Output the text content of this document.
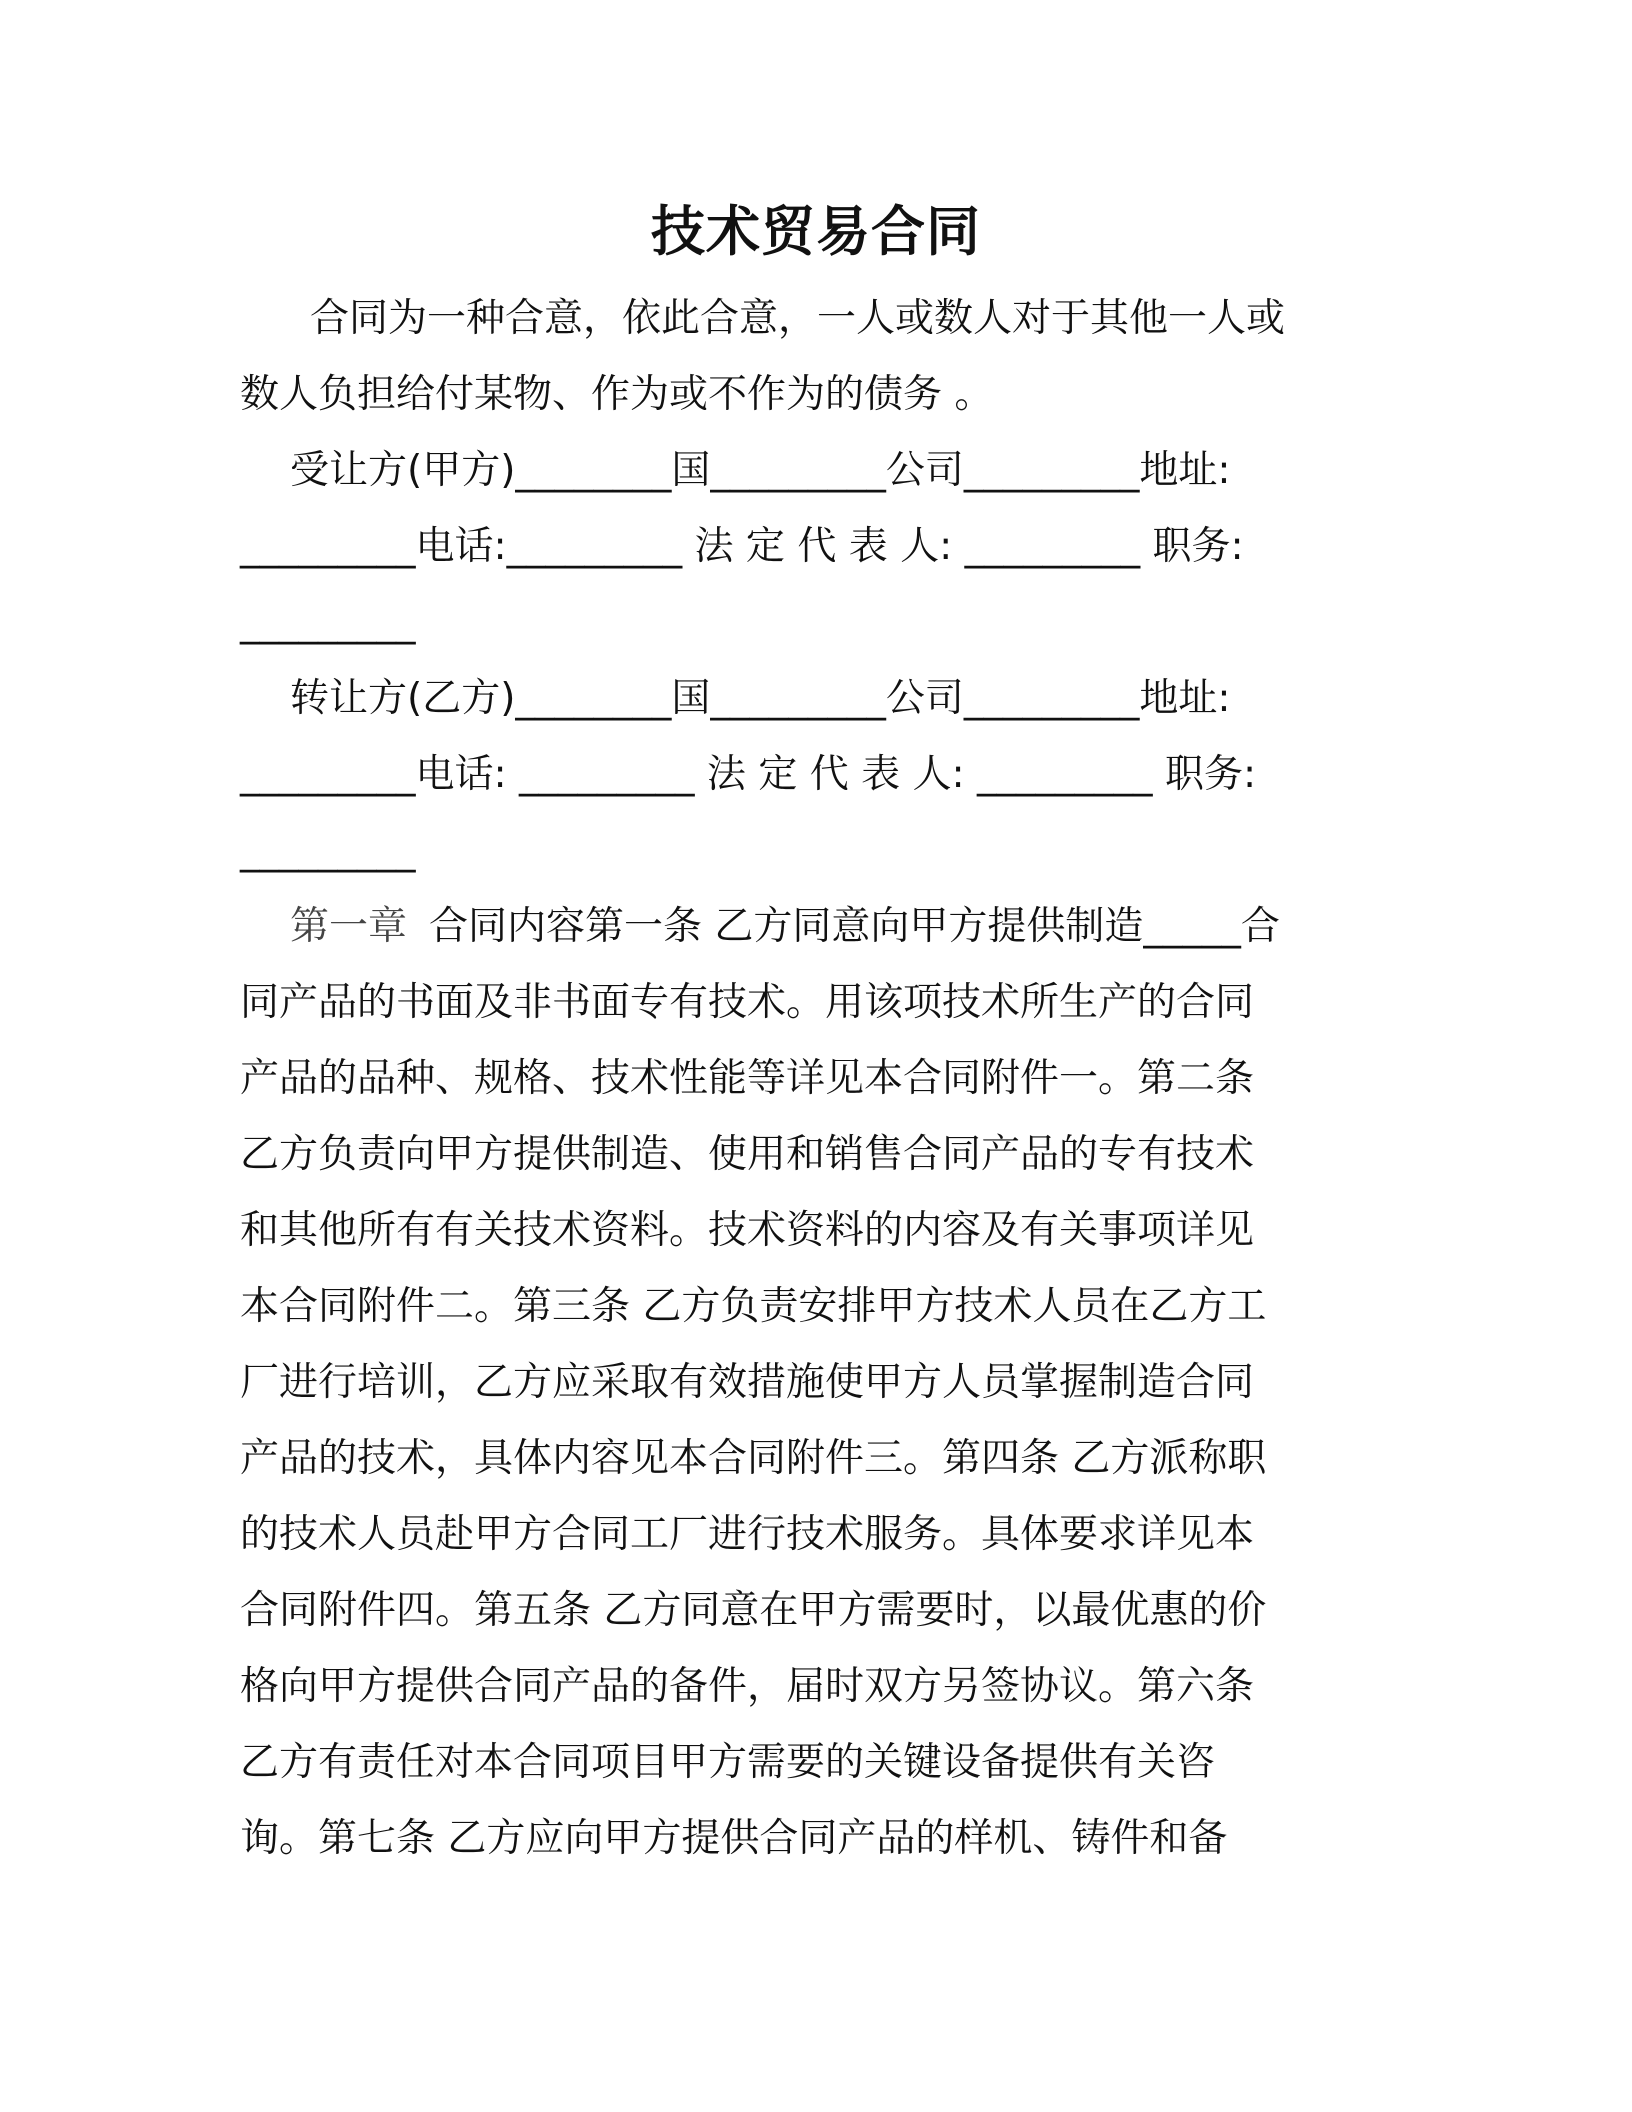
技术贸易合同

合同为一种合意，依此合意，一人或数人对于其他一人或

数人负担给付某物、作为或不作为的债务 。

受让方(甲方)________国_________公司_________地址:

_________电话:_________ 法 定 代 表 人: _________ 职务:

_________

转让方(乙方)________国_________公司_________地址:

_________电话: _________ 法 定 代 表 人: _________ 职务:

_________

第一章 合同内容第一条 乙方同意向甲方提供制造_____合

同产品的书面及非书面专有技术。用该项技术所生产的合同

产品的品种、规格、技术性能等详见本合同附件一。第二条

乙方负责向甲方提供制造、使用和销售合同产品的专有技术

和其他所有有关技术资料。技术资料的内容及有关事项详见

本合同附件二。第三条 乙方负责安排甲方技术人员在乙方工

厂进行培训，乙方应采取有效措施使甲方人员掌握制造合同

产品的技术，具体内容见本合同附件三。第四条 乙方派称职

的技术人员赴甲方合同工厂进行技术服务。具体要求详见本

合同附件四。第五条 乙方同意在甲方需要时，以最优惠的价

格向甲方提供合同产品的备件，届时双方另签协议。第六条

乙方有责任对本合同项目甲方需要的关键设备提供有关咨

询。第七条 乙方应向甲方提供合同产品的样机、铸件和备
